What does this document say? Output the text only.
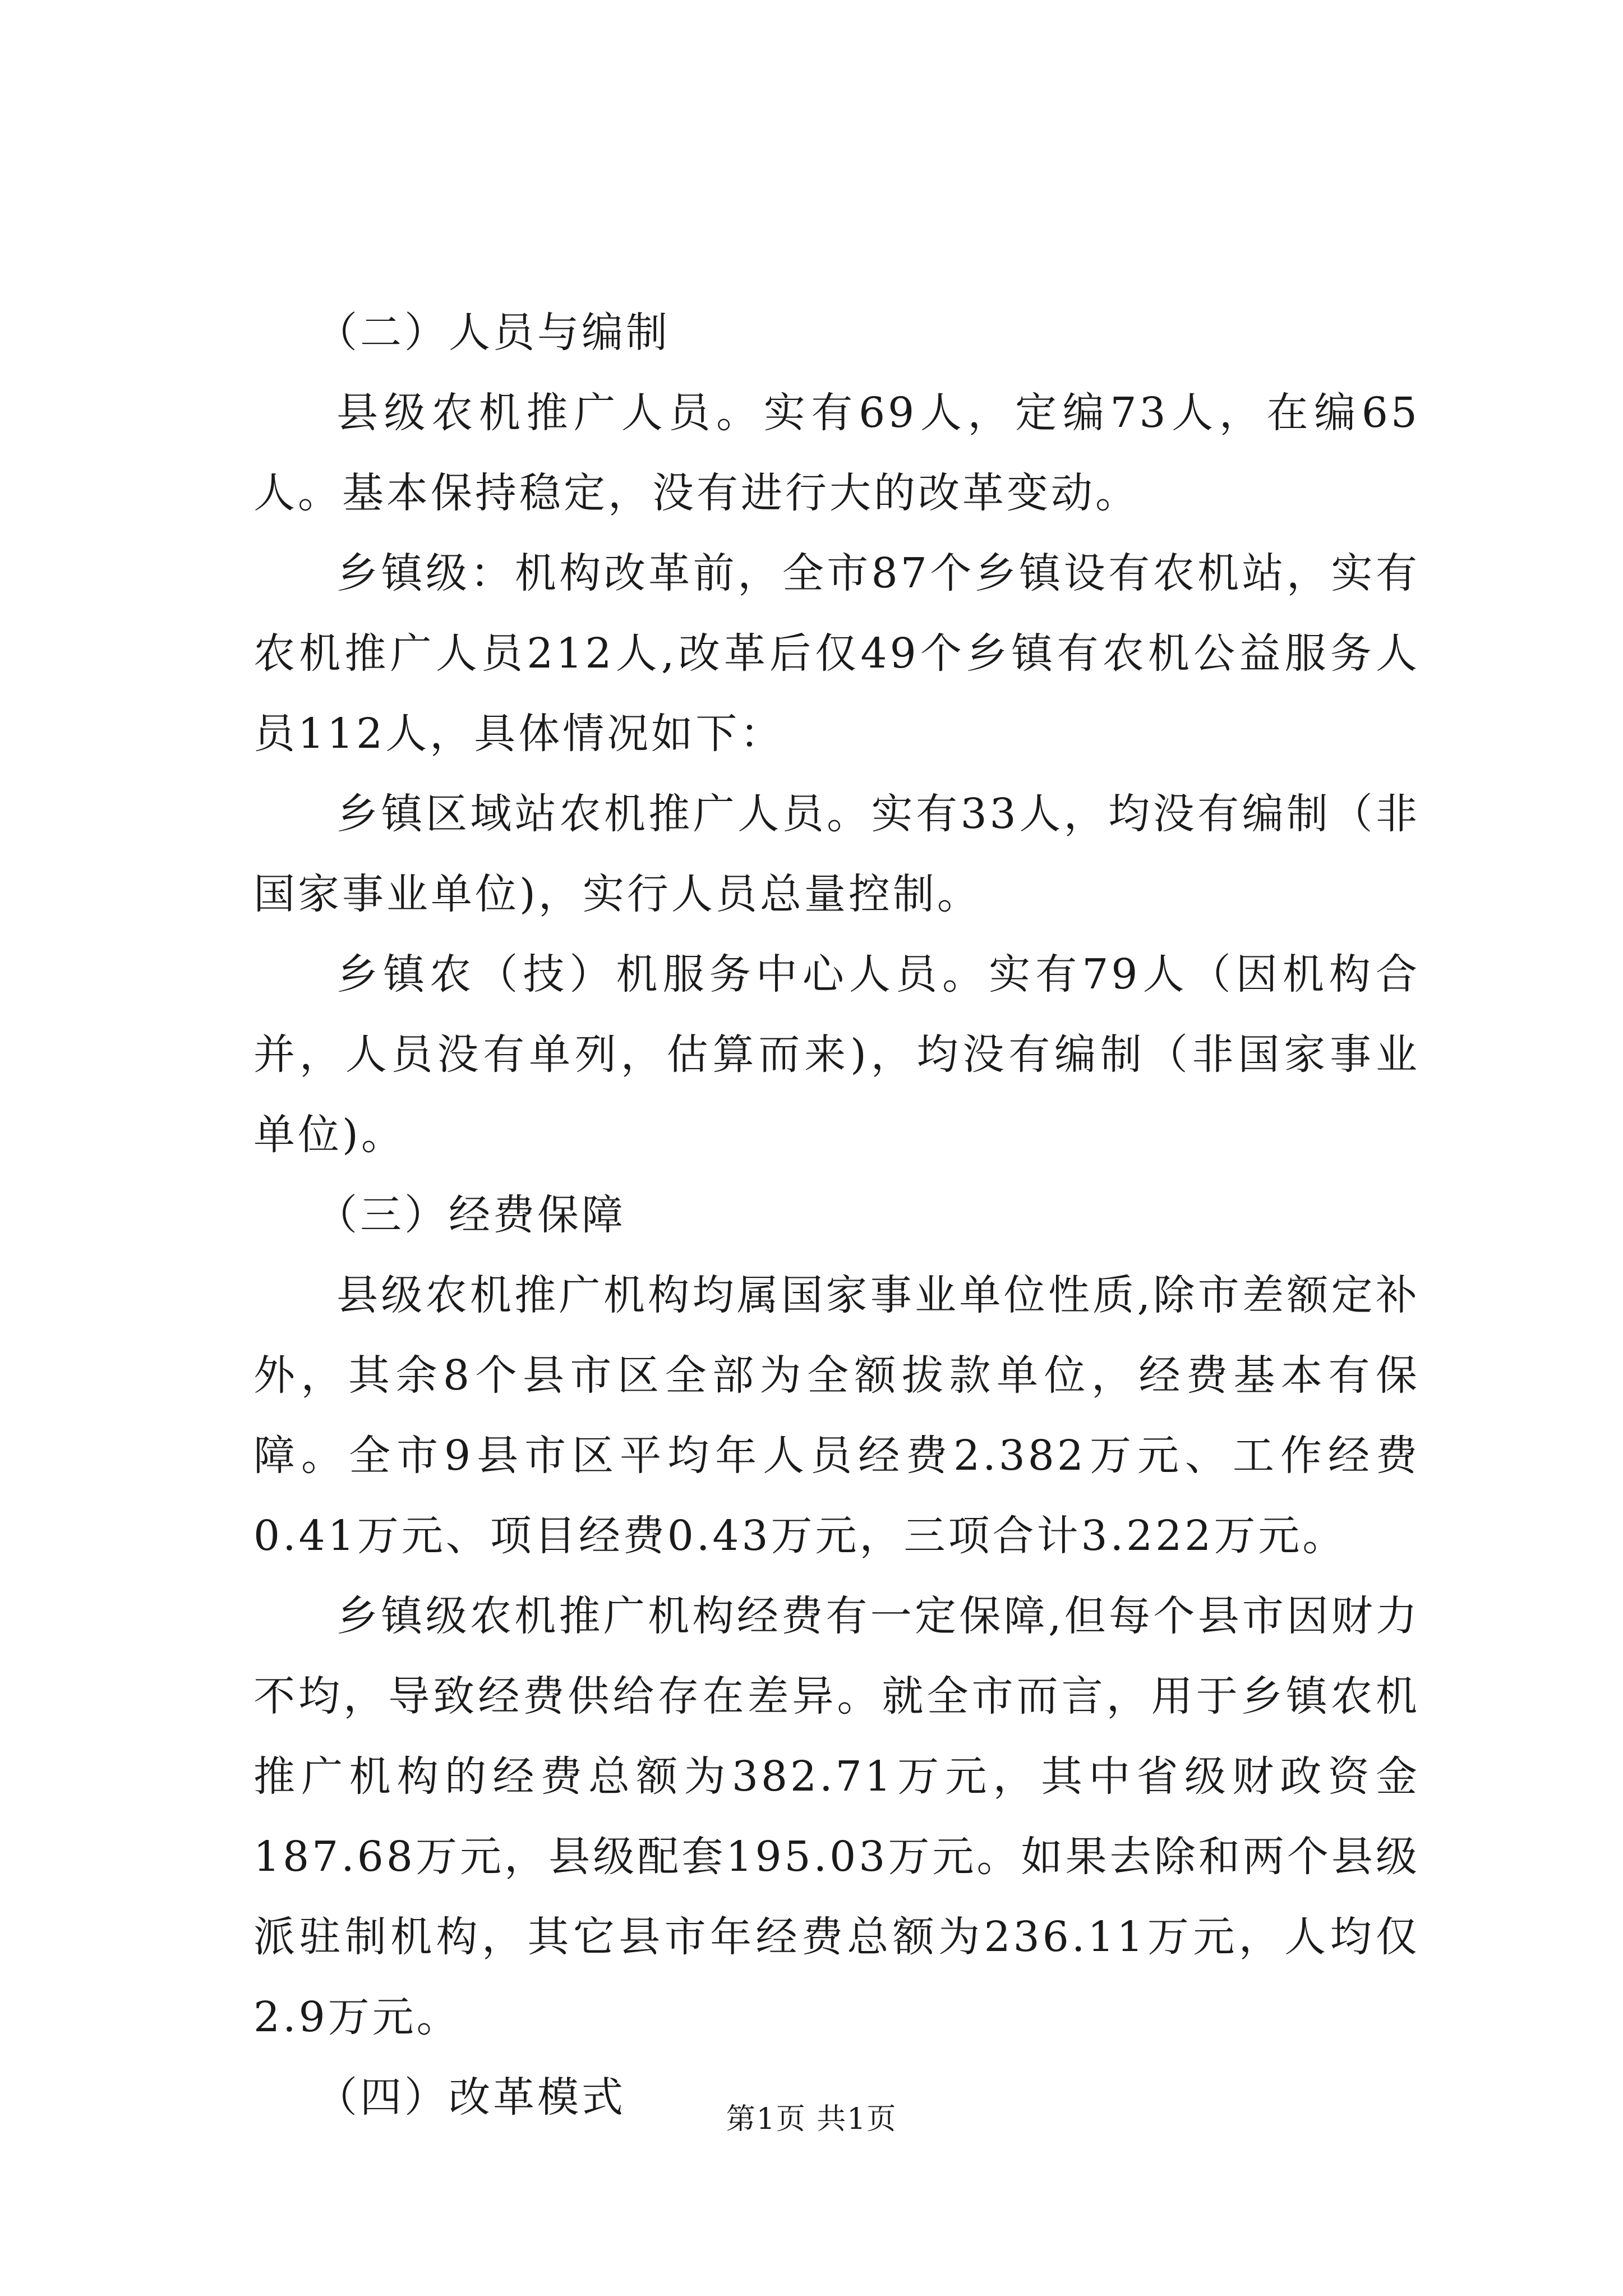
（二）人员与编制

县级农机推广人员。实有69人，定编73人，在编65人。基本保持稳定，没有进行大的改革变动。

乡镇级：机构改革前，全市87个乡镇设有农机站，实有农机推广人员212人,改革后仅49个乡镇有农机公益服务人员112人，具体情况如下：

乡镇区域站农机推广人员。实有33人，均没有编制（非国家事业单位)，实行人员总量控制。

乡镇农（技）机服务中心人员。实有79人（因机构合并，人员没有单列，估算而来)，均没有编制（非国家事业单位)。

（三）经费保障

县级农机推广机构均属国家事业单位性质,除市差额定补外，其余8个县市区全部为全额拔款单位，经费基本有保障。全市9县市区平均年人员经费2.382万元、工作经费0.41万元、项目经费0.43万元，三项合计3.222万元。

乡镇级农机推广机构经费有一定保障,但每个县市因财力不均，导致经费供给存在差异。就全市而言，用于乡镇农机推广机构的经费总额为382.71万元，其中省级财政资金187.68万元，县级配套195.03万元。如果去除和两个县级派驻制机构，其它县市年经费总额为236.11万元，人均仅2.9万元。

（四）改革模式	第1页 共1页
